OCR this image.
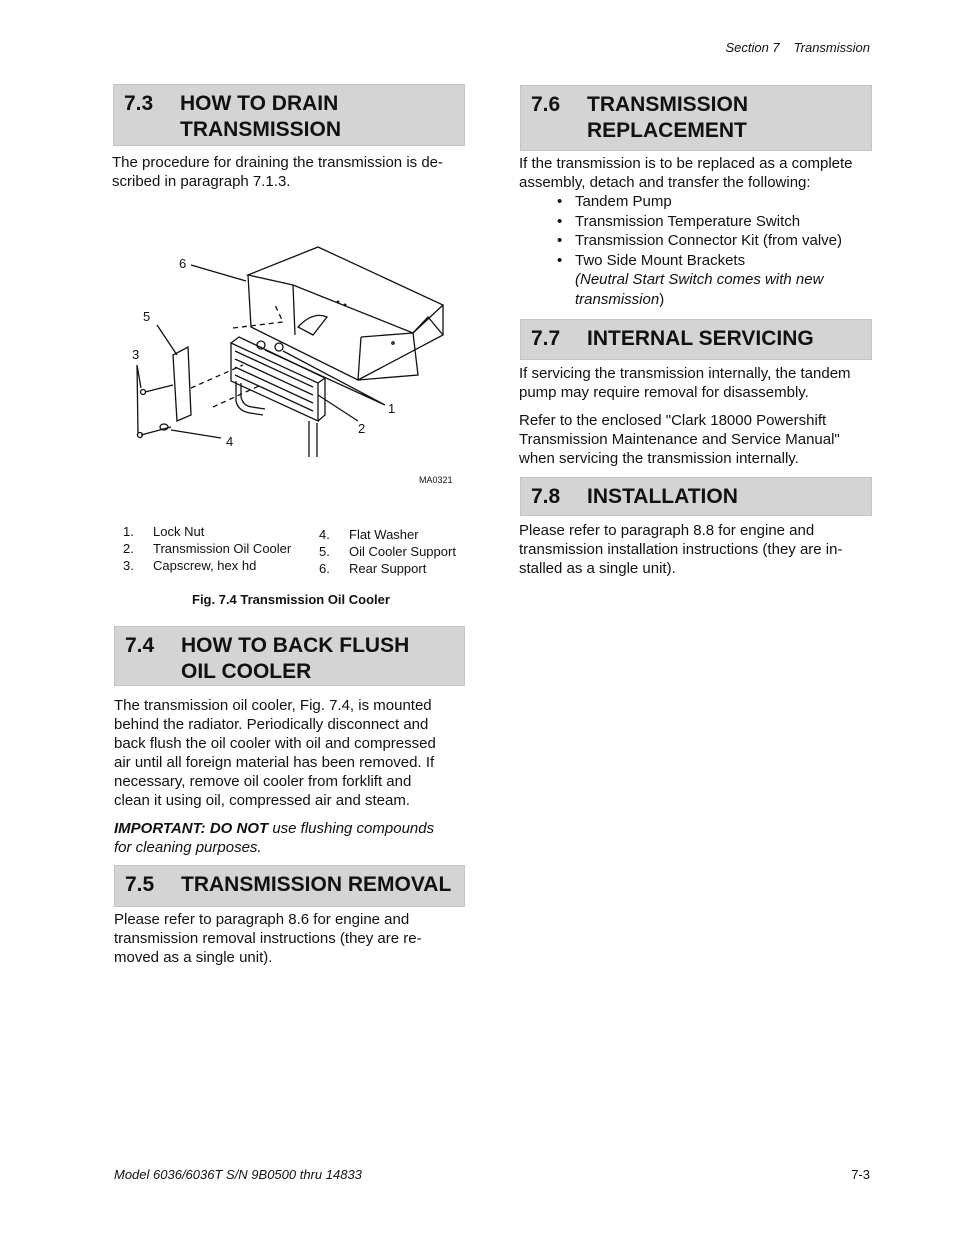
Section 7 Transmission
7.3 HOW TO DRAIN
TRANSMISSION
The procedure for draining the transmission is de-
scribed in paragraph 7.1.3.
1
2
3
4
5
6
MA0321
1.	Lock Nut
2.	Transmission Oil Cooler
3.	Capscrew, hex hd
4.	Flat Washer
5.	Oil Cooler Support
6.	Rear Support
Fig. 7.4 Transmission Oil Cooler
7.4 HOW TO BACK FLUSH
OIL COOLER
The transmission oil cooler, Fig. 7.4, is mounted
behind the radiator. Periodically disconnect and
back flush the oil cooler with oil and compressed
air until all foreign material has been removed. If
necessary, remove oil cooler from forklift and
clean it using oil, compressed air and steam.
IMPORTANT: DO NOT use flushing compounds
for cleaning purposes.
7.5 TRANSMISSION REMOVAL
Please refer to paragraph 8.6 for engine and
transmission removal instructions (they are re-
moved as a single unit).
7.6 TRANSMISSION
REPLACEMENT
If the transmission is to be replaced as a complete
assembly, detach and transfer the following:
• Tandem Pump
• Transmission Temperature Switch
• Transmission Connector Kit (from valve)
• Two Side Mount Brackets
(Neutral Start Switch comes with new
transmission)
7.7 INTERNAL SERVICING
If servicing the transmission internally, the tandem
pump may require removal for disassembly.
Refer to the enclosed "Clark 18000 Powershift
Transmission Maintenance and Service Manual"
when servicing the transmission internally.
7.8 INSTALLATION
Please refer to paragraph 8.8 for engine and
transmission installation instructions (they are in-
stalled as a single unit).
Model 6036/6036T S/N 9B0500 thru 14833	7-3
